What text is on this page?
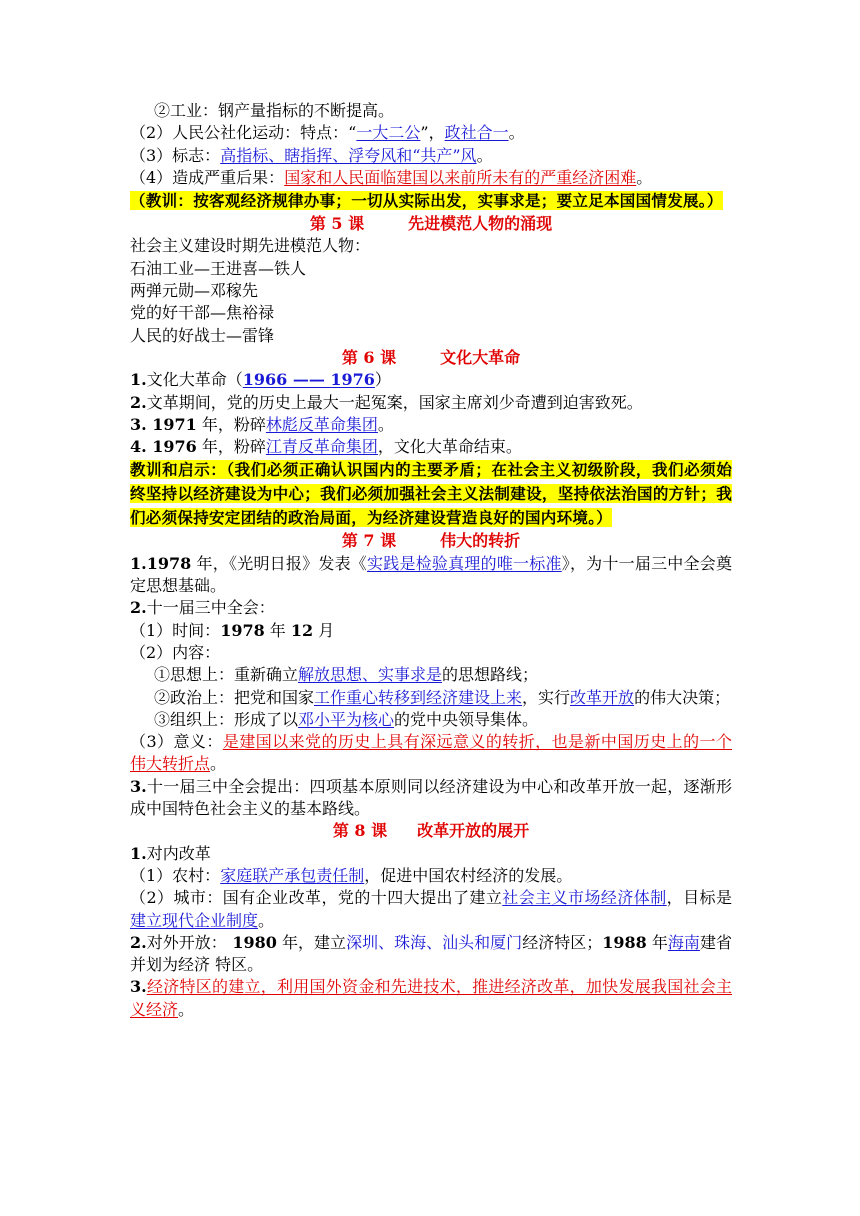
②工业：钢产量指标的不断提高。
（2）人民公社化运动：特点：“一大二公”，政社合一。
（3）标志：高指标、瞎指挥、浮夸风和“共产”风。
（4）造成严重后果：国家和人民面临建国以来前所未有的严重经济困难。
（教训：按客观经济规律办事；一切从实际出发，实事求是；要立足本国国情发展。）
第 5 课	先进模范人物的涌现
社会主义建设时期先进模范人物：
石油工业—王进喜—铁人
两弹元勋—邓稼先
党的好干部—焦裕禄
人民的好战士—雷锋
第 6 课	文化大革命
1.文化大革命（1966 —— 1976）
2.文革期间，党的历史上最大一起冤案，国家主席刘少奇遭到迫害致死。
3. 1971 年，粉碎林彪反革命集团。
4. 1976 年，粉碎江青反革命集团，文化大革命结束。
教训和启示：（我们必须正确认识国内的主要矛盾；在社会主义初级阶段，我们必须始终坚持以经济建设为中心；我们必须加强社会主义法制建设，坚持依法治国的方针；我们必须保持安定团结的政治局面，为经济建设营造良好的国内环境。）
第 7 课	伟大的转折
1.1978 年，《光明日报》发表《实践是检验真理的唯一标准》，为十一届三中全会奠定思想基础。
2.十一届三中全会：
（1）时间：1978 年 12 月
（2）内容：
①思想上：重新确立解放思想、实事求是的思想路线；
②政治上：把党和国家工作重心转移到经济建设上来，实行改革开放的伟大决策；
③组织上：形成了以邓小平为核心的党中央领导集体。
（3）意义：是建国以来党的历史上具有深远意义的转折，也是新中国历史上的一个伟大转折点。
3.十一届三中全会提出：四项基本原则同以经济建设为中心和改革开放一起，逐渐形成中国特色社会主义的基本路线。
第 8 课 改革开放的展开
1.对内改革
（1）农村：家庭联产承包责任制，促进中国农村经济的发展。
（2）城市：国有企业改革，党的十四大提出了建立社会主义市场经济体制，目标是建立现代企业制度。
2.对外开放： 1980 年，建立深圳、珠海、汕头和厦门经济特区；1988 年海南建省并划为经济 特区。
3.经济特区的建立，利用国外资金和先进技术，推进经济改革，加快发展我国社会主义经济。
